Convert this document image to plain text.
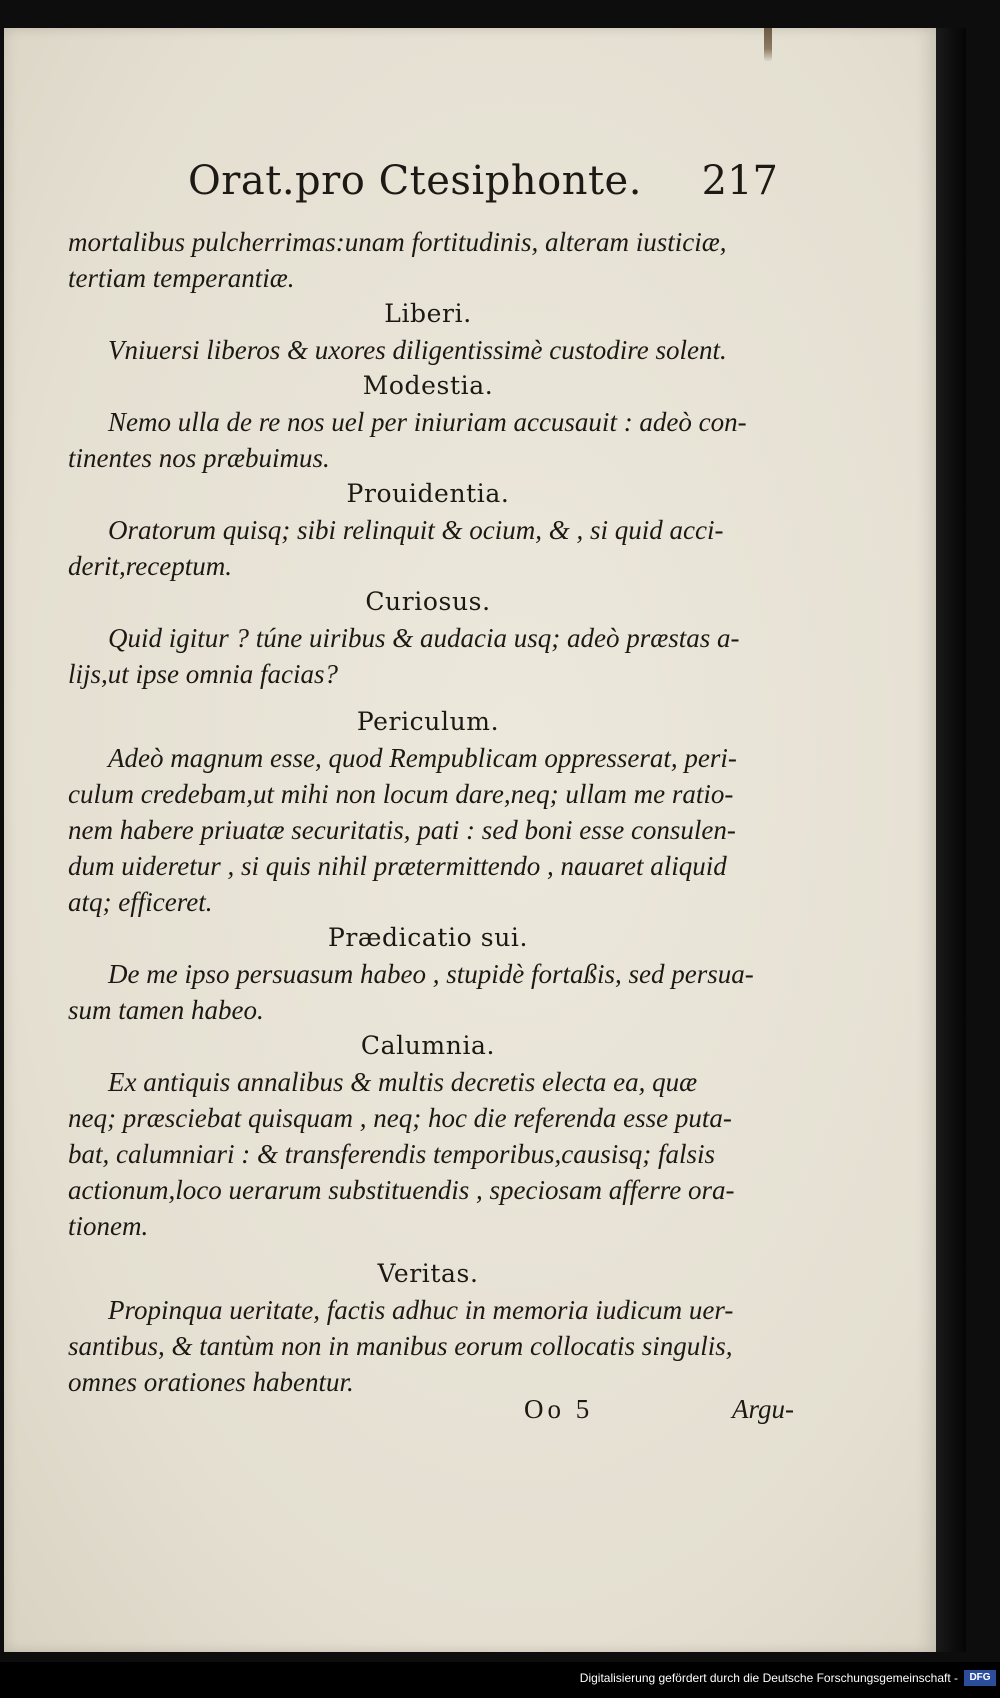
Orat.pro Ctesiphonte. 217
mortalibus pulcherrimas:unam fortitudinis, alteram iusticiæ,
tertiam temperantiæ.
Liberi.
Vniuersi liberos & uxores diligentissimè custodire solent.
Modestia.
Nemo ulla de re nos uel per iniuriam accusauit : adeò con-
tinentes nos præbuimus.
Prouidentia.
Oratorum quisq; sibi relinquit & ocium, & , si quid acci-
derit,receptum.
Curiosus.
Quid igitur ? túne uiribus & audacia usq; adeò præstas a-
lijs,ut ipse omnia facias?
Periculum.
Adeò magnum esse, quod Rempublicam oppresserat, peri-
culum credebam,ut mihi non locum dare,neq; ullam me ratio-
nem habere priuatæ securitatis, pati : sed boni esse consulen-
dum uideretur , si quis nihil prætermittendo , nauaret aliquid
atq; efficeret.
Prædicatio sui.
De me ipso persuasum habeo , stupidè fortaßis, sed persua-
sum tamen habeo.
Calumnia.
Ex antiquis annalibus & multis decretis electa ea, quæ
neq; præsciebat quisquam , neq; hoc die referenda esse puta-
bat, calumniari : & transferendis temporibus,causisq; falsis
actionum,loco uerarum substituendis , speciosam afferre ora-
tionem.
Veritas.
Propinqua ueritate, factis adhuc in memoria iudicum uer-
santibus, & tantùm non in manibus eorum collocatis singulis,
omnes orationes habentur.
Oo 5	Argu-
Digitalisierung gefördert durch die Deutsche Forschungsgemeinschaft -	DFG
